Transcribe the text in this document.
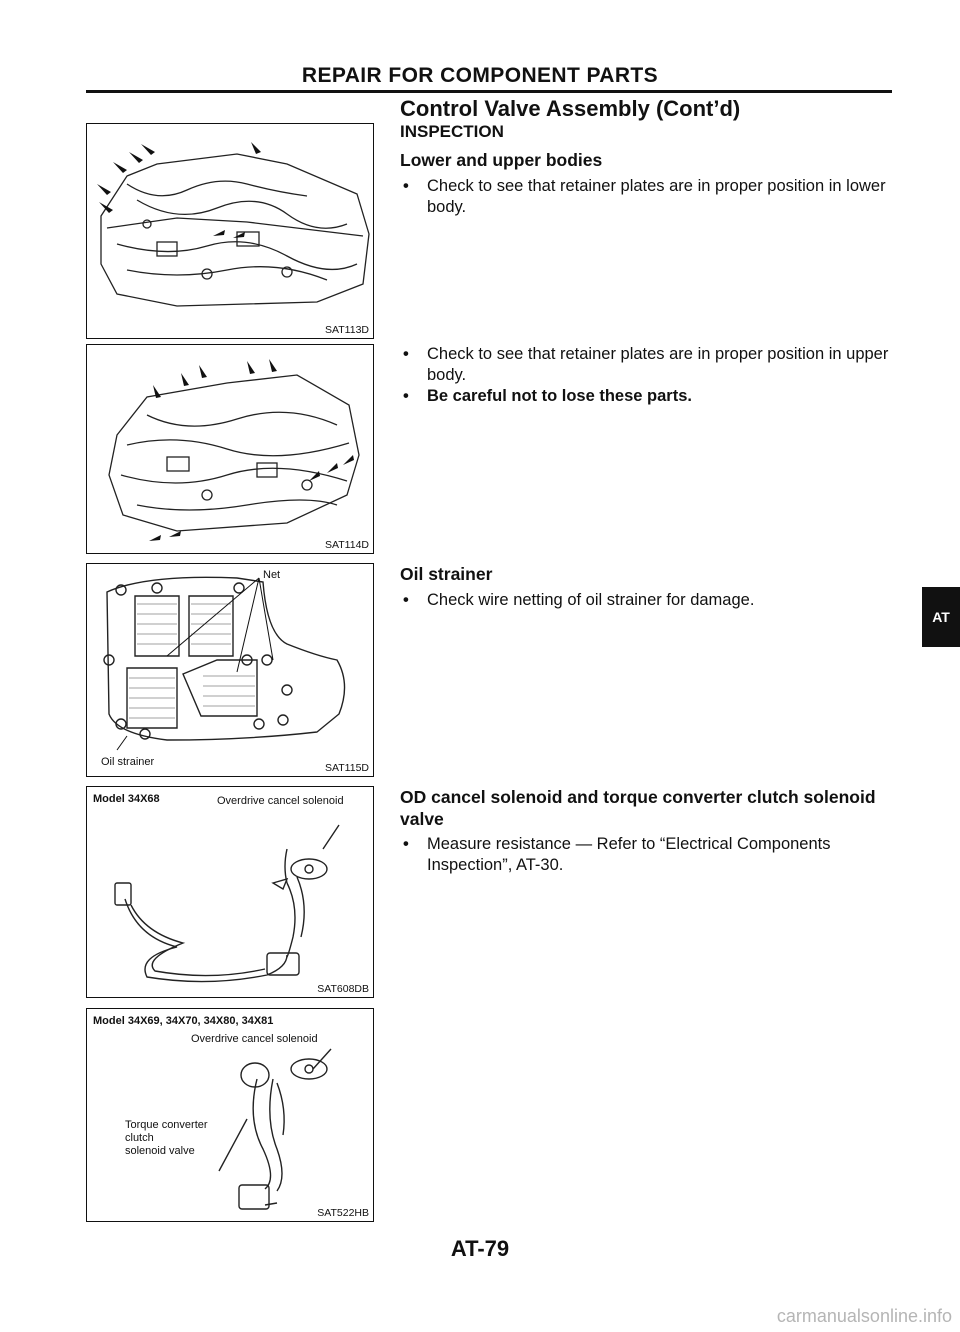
REPAIR FOR COMPONENT PARTS
Control Valve Assembly (Cont’d)
INSPECTION
Lower and upper bodies
•	Check to see that retainer plates are in proper position in lower body.
•	Check to see that retainer plates are in proper position in upper body.
•	Be careful not to lose these parts.
Oil strainer
•	Check wire netting of oil strainer for damage.
OD cancel solenoid and torque converter clutch solenoid valve
•	Measure resistance — Refer to “Electrical Components Inspection”, AT-30.
SAT113D
SAT114D
Net
Oil strainer	SAT115D
Model 34X68	Overdrive cancel solenoid
SAT608DB
Model 34X69, 34X70, 34X80, 34X81
Overdrive cancel solenoid
Torque converter
clutch
solenoid valve
SAT522HB
AT
AT-79
carmanualsonline.info
